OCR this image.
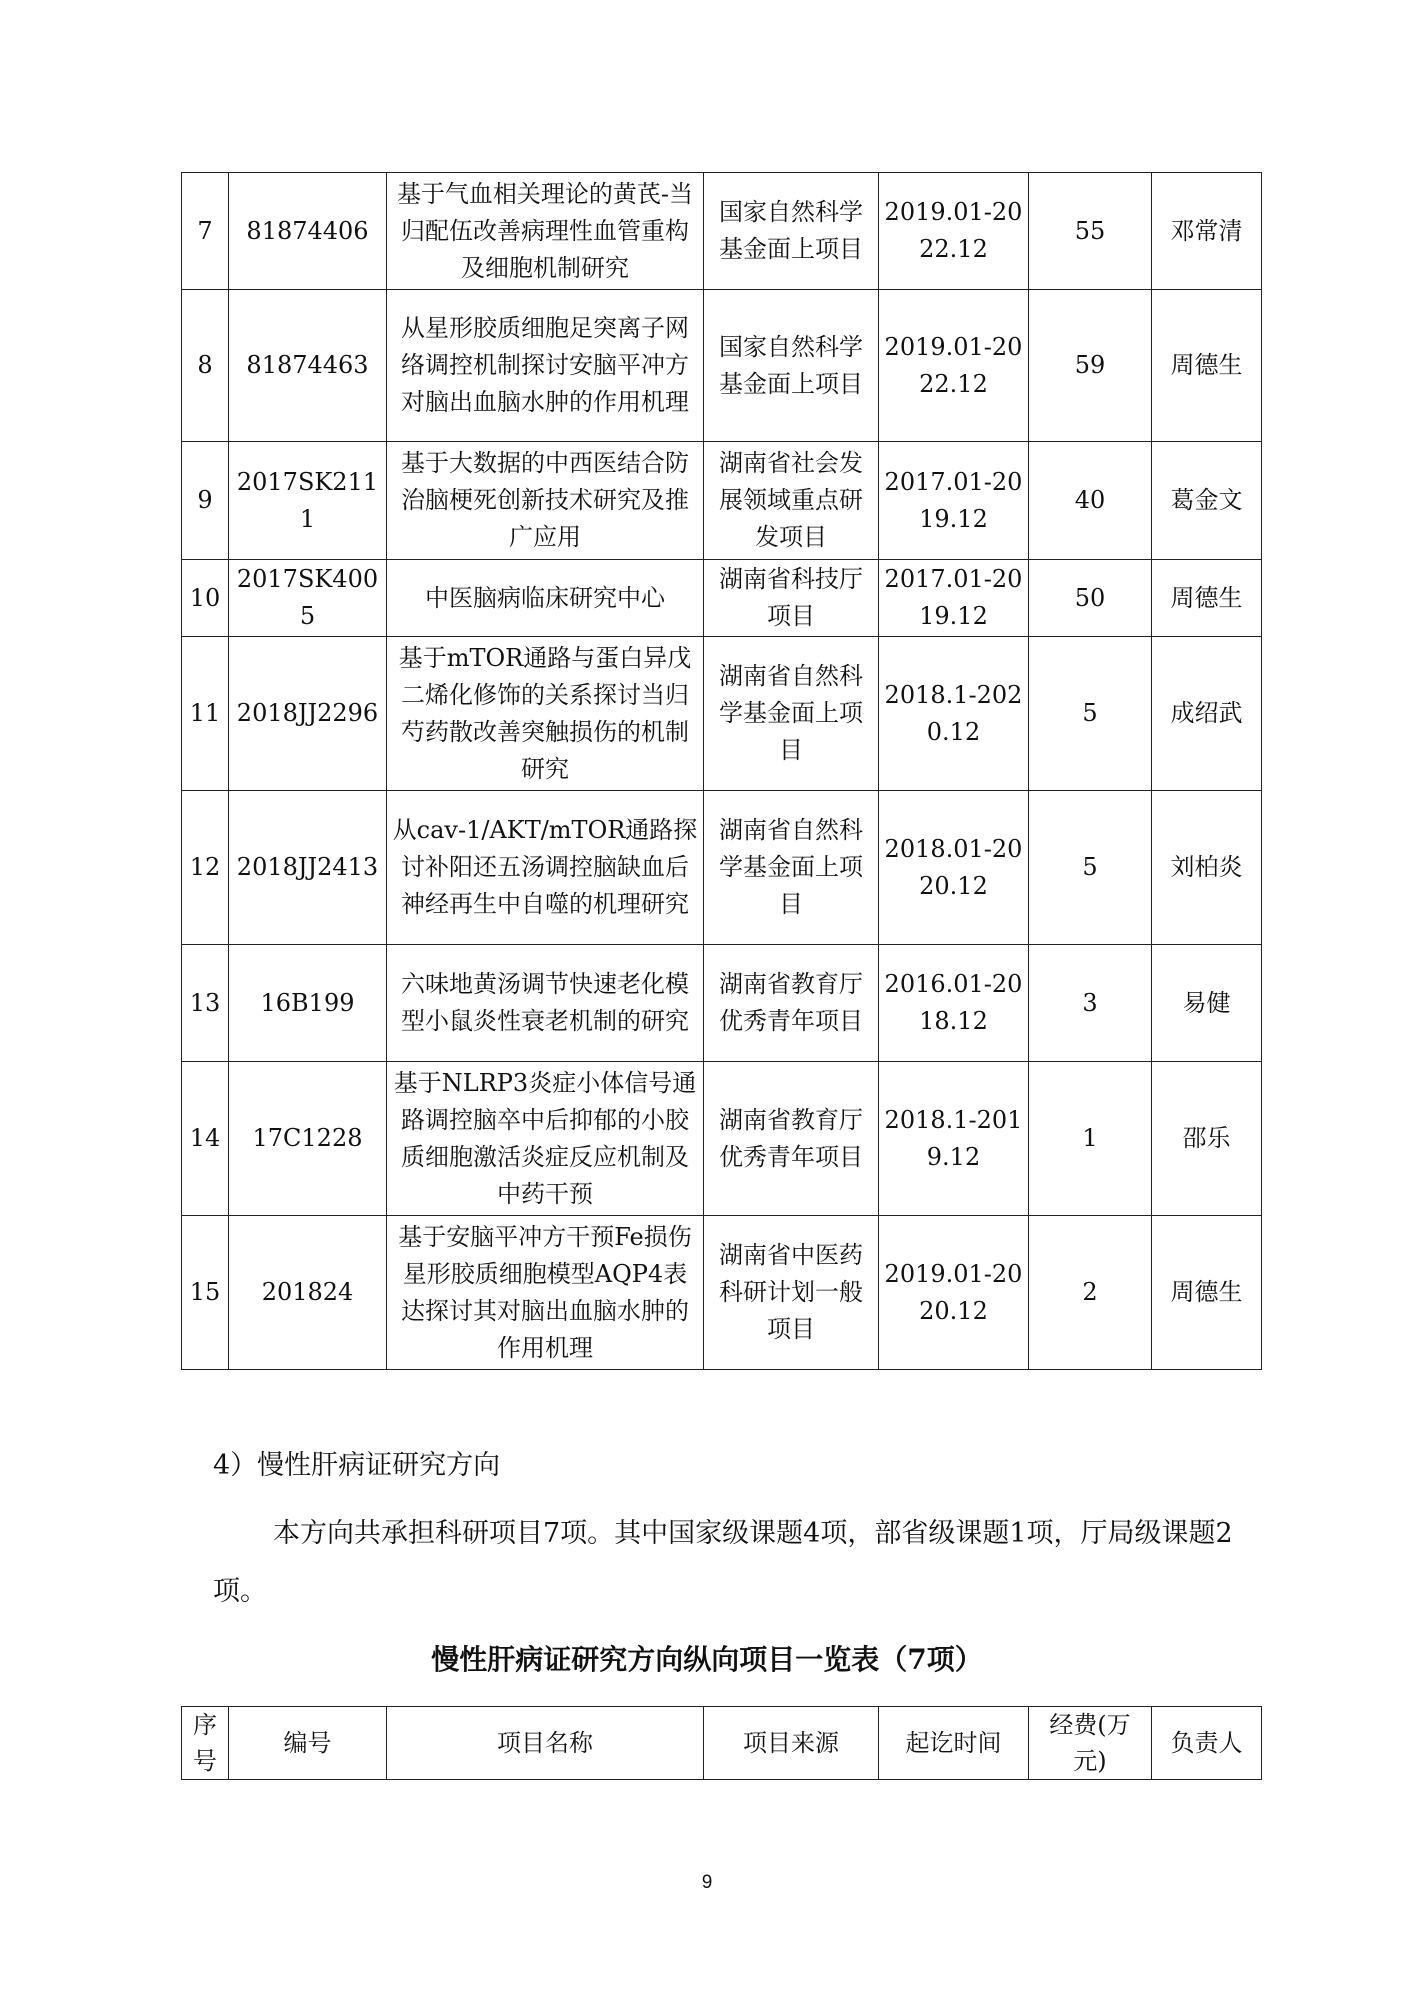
7	81874406	基于气血相关理论的黄芪-当归配伍改善病理性血管重构及细胞机制研究	国家自然科学基金面上项目	2019.01-2022.12	55	邓常清
8	81874463	从星形胶质细胞足突离子网络调控机制探讨安脑平冲方对脑出血脑水肿的作用机理	国家自然科学基金面上项目	2019.01-2022.12	59	周德生
9	2017SK2111	基于大数据的中西医结合防治脑梗死创新技术研究及推广应用	湖南省社会发展领域重点研发项目	2017.01-2019.12	40	葛金文
10	2017SK4005	中医脑病临床研究中心	湖南省科技厅项目	2017.01-2019.12	50	周德生
11	2018JJ2296	基于mTOR通路与蛋白异戊二烯化修饰的关系探讨当归芍药散改善突触损伤的机制研究	湖南省自然科学基金面上项目	2018.1-2020.12	5	成绍武
12	2018JJ2413	从cav-1/AKT/mTOR通路探讨补阳还五汤调控脑缺血后神经再生中自噬的机理研究	湖南省自然科学基金面上项目	2018.01-2020.12	5	刘柏炎
13	16B199	六味地黄汤调节快速老化模型小鼠炎性衰老机制的研究	湖南省教育厅优秀青年项目	2016.01-2018.12	3	易健
14	17C1228	基于NLRP3炎症小体信号通路调控脑卒中后抑郁的小胶质细胞激活炎症反应机制及中药干预	湖南省教育厅优秀青年项目	2018.1-2019.12	1	邵乐
15	201824	基于安脑平冲方干预Fe损伤星形胶质细胞模型AQP4表达探讨其对脑出血脑水肿的作用机理	湖南省中医药科研计划一般项目	2019.01-2020.12	2	周德生
4）慢性肝病证研究方向
本方向共承担科研项目7项。其中国家级课题4项，部省级课题1项，厅局级课题2项。
慢性肝病证研究方向纵向项目一览表（7项）
序号	编号	项目名称	项目来源	起讫时间	经费(万元)	负责人
9
